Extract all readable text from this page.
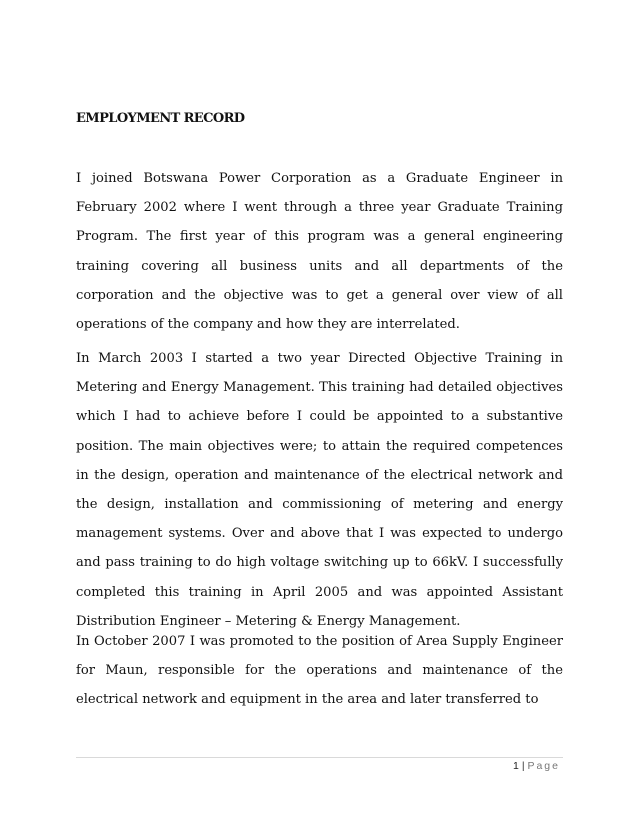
EMPLOYMENT RECORD

I joined Botswana Power Corporation as a Graduate Engineer in February 2002 where I went through a three year Graduate Training Program. The first year of this program was a general engineering training covering all business units and all departments of the corporation and the objective was to get a general over view of all operations of the company and how they are interrelated.

In March 2003 I started a two year Directed Objective Training in Metering and Energy Management. This training had detailed objectives which I had to achieve before I could be appointed to a substantive position. The main objectives were; to attain the required competences in the design, operation and maintenance of the electrical network and the design, installation and commissioning of metering and energy management systems. Over and above that I was expected to undergo and pass training to do high voltage switching up to 66kV. I successfully completed this training in April 2005 and was appointed Assistant Distribution Engineer – Metering & Energy Management.

In October 2007 I was promoted to the position of Area Supply Engineer for Maun, responsible for the operations and maintenance of the electrical network and equipment in the area and later transferred to

1 | Page
